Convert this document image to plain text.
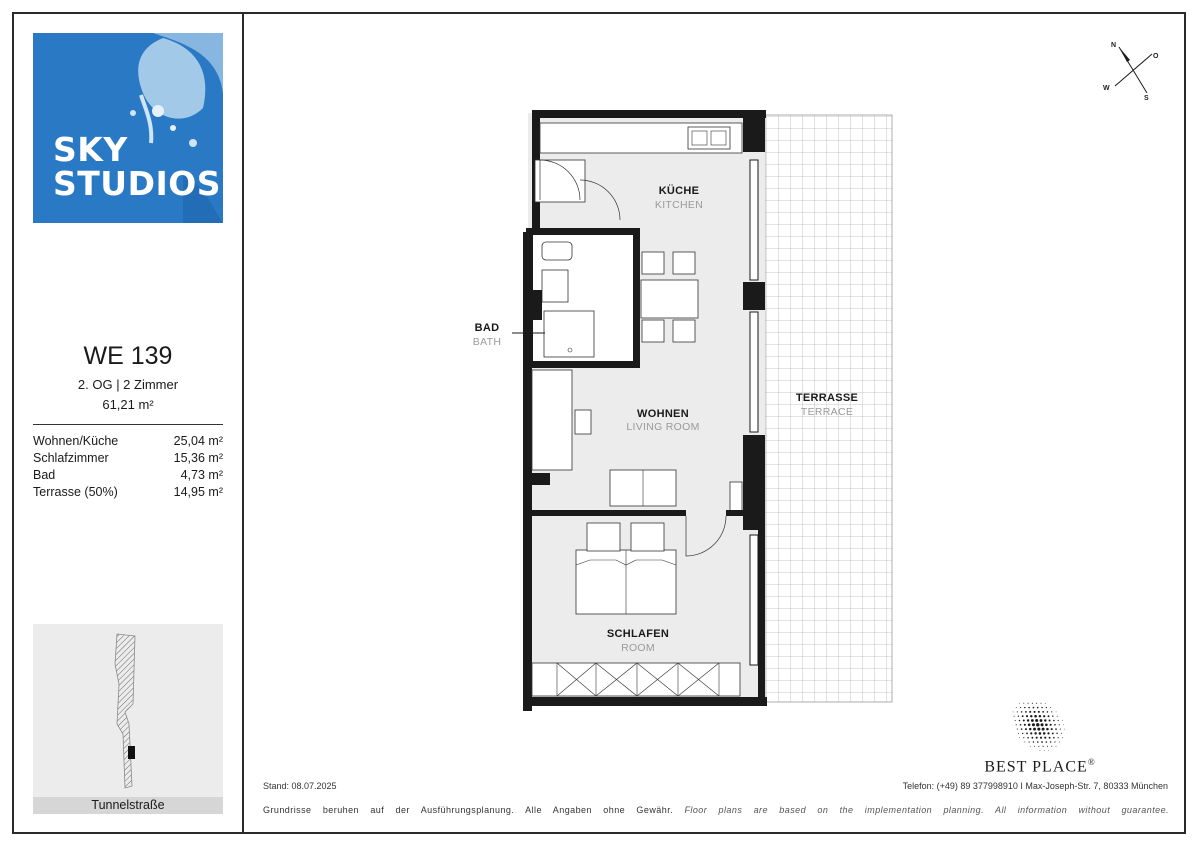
SKY
STUDIOS
WE 139
2. OG | 2 Zimmer
61,21 m²
Wohnen/Küche	25,04 m²
Schlafzimmer	15,36 m²
Bad	4,73 m²
Terrasse (50%)	14,95 m²
Tunnelstraße
KÜCHE
KITCHEN
BAD
BATH
WOHNEN
LIVING ROOM
TERRASSE
TERRACE
SCHLAFEN
ROOM
N
O
S
W
BEST PLACE®
Stand: 08.07.2025	Telefon: (+49) 89 377998910 I Max-Joseph-Str. 7, 80333 München
Grundrisse beruhen auf der Ausführungsplanung. Alle Angaben ohne Gewähr. Floor plans are based on the implementation planning. All information without guarantee.
